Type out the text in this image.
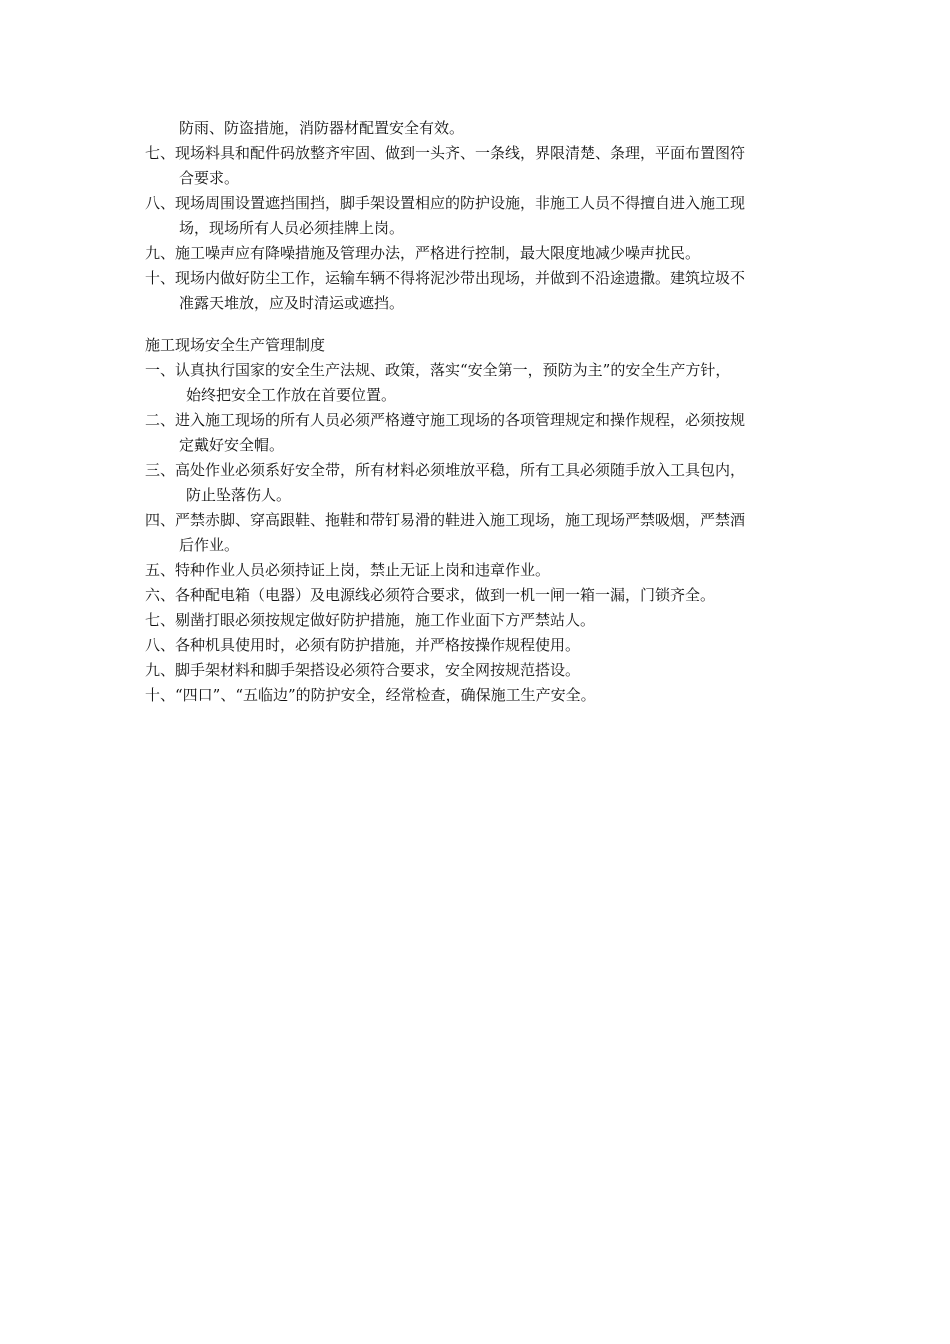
防雨、防盗措施，消防器材配置安全有效。

七、现场料具和配件码放整齐牢固、做到一头齐、一条线，界限清楚、条理，平面布置图符

合要求。

八、现场周围设置遮挡围挡，脚手架设置相应的防护设施，非施工人员不得擅自进入施工现

场，现场所有人员必须挂牌上岗。

九、施工噪声应有降噪措施及管理办法，严格进行控制，最大限度地减少噪声扰民。

十、现场内做好防尘工作，运输车辆不得将泥沙带出现场，并做到不沿途遗撒。建筑垃圾不

准露天堆放，应及时清运或遮挡。

施工现场安全生产管理制度

一、认真执行国家的安全生产法规、政策，落实“安全第一，预防为主”的安全生产方针，

始终把安全工作放在首要位置。

二、进入施工现场的所有人员必须严格遵守施工现场的各项管理规定和操作规程，必须按规

定戴好安全帽。

三、高处作业必须系好安全带，所有材料必须堆放平稳，所有工具必须随手放入工具包内，

防止坠落伤人。

四、严禁赤脚、穿高跟鞋、拖鞋和带钉易滑的鞋进入施工现场，施工现场严禁吸烟，严禁酒

后作业。

五、特种作业人员必须持证上岗，禁止无证上岗和违章作业。

六、各种配电箱（电器）及电源线必须符合要求，做到一机一闸一箱一漏，门锁齐全。

七、剔凿打眼必须按规定做好防护措施，施工作业面下方严禁站人。

八、各种机具使用时，必须有防护措施，并严格按操作规程使用。

九、脚手架材料和脚手架搭设必须符合要求，安全网按规范搭设。

十、“四口”、“五临边”的防护安全，经常检查，确保施工生产安全。
